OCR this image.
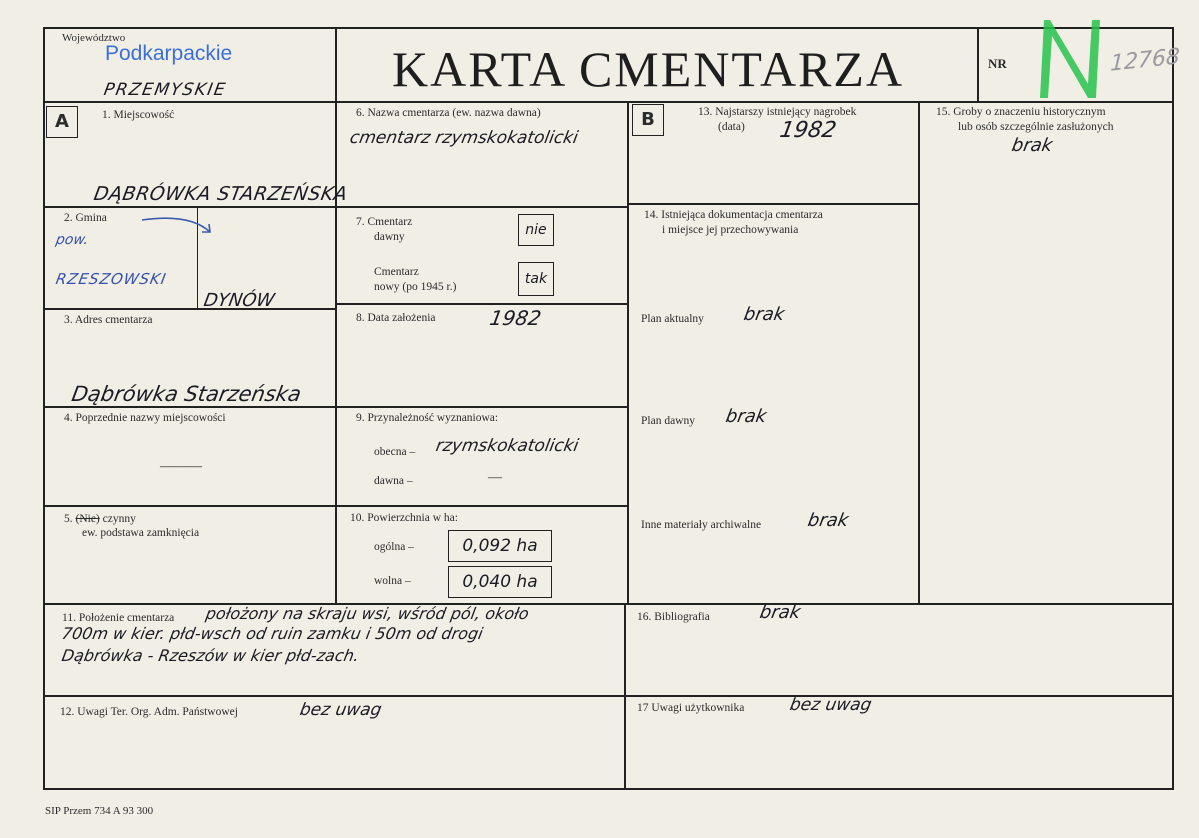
Województwo
Podkarpackie
PRZEMYSKIE	KARTA CMENTARZA	NR	12768
A	1. Miejscowość
DĄBRÓWKA STARZEŃSKA
2. Gmina
pow.
RZESZOWSKI
DYNÓW
3. Adres cmentarza
Dąbrówka Starzeńska
4. Poprzednie nazwy miejscowości
———
5. (Nie) czynny
ew. podstawa zamknięcia
6. Nazwa cmentarza (ew. nazwa dawna)
cmentarz rzymskokatolicki
7. Cmentarz
dawny	nie
Cmentarz
nowy (po 1945 r.)	tak
8. Data założenia	1982
9. Przynależność wyznaniowa:
obecna – rzymskokatolicki
dawna –	—
10. Powierzchnia w ha:
ogólna –	0,092 ha
wolna –	0,040 ha
B	13. Najstarszy istniejący nagrobek
(data) 1982
14. Istniejąca dokumentacja cmentarza
i miejsce jej przechowywania
Plan aktualny brak
Plan dawny brak
Inne materiały archiwalne	brak
15. Groby o znaczeniu historycznym
lub osób szczególnie zasłużonych
brak
11. Położenie cmentarza położony na skraju wsi, wśród pól, około
700m w kier. płd-wsch od ruin zamku i 50m od drogi
Dąbrówka - Rzeszów w kier płd-zach.
16. Bibliografia	brak
12. Uwagi Ter. Org. Adm. Państwowej	bez uwag	17 Uwagi użytkownika	bez uwag
SIP Przem 734 A 93 300
